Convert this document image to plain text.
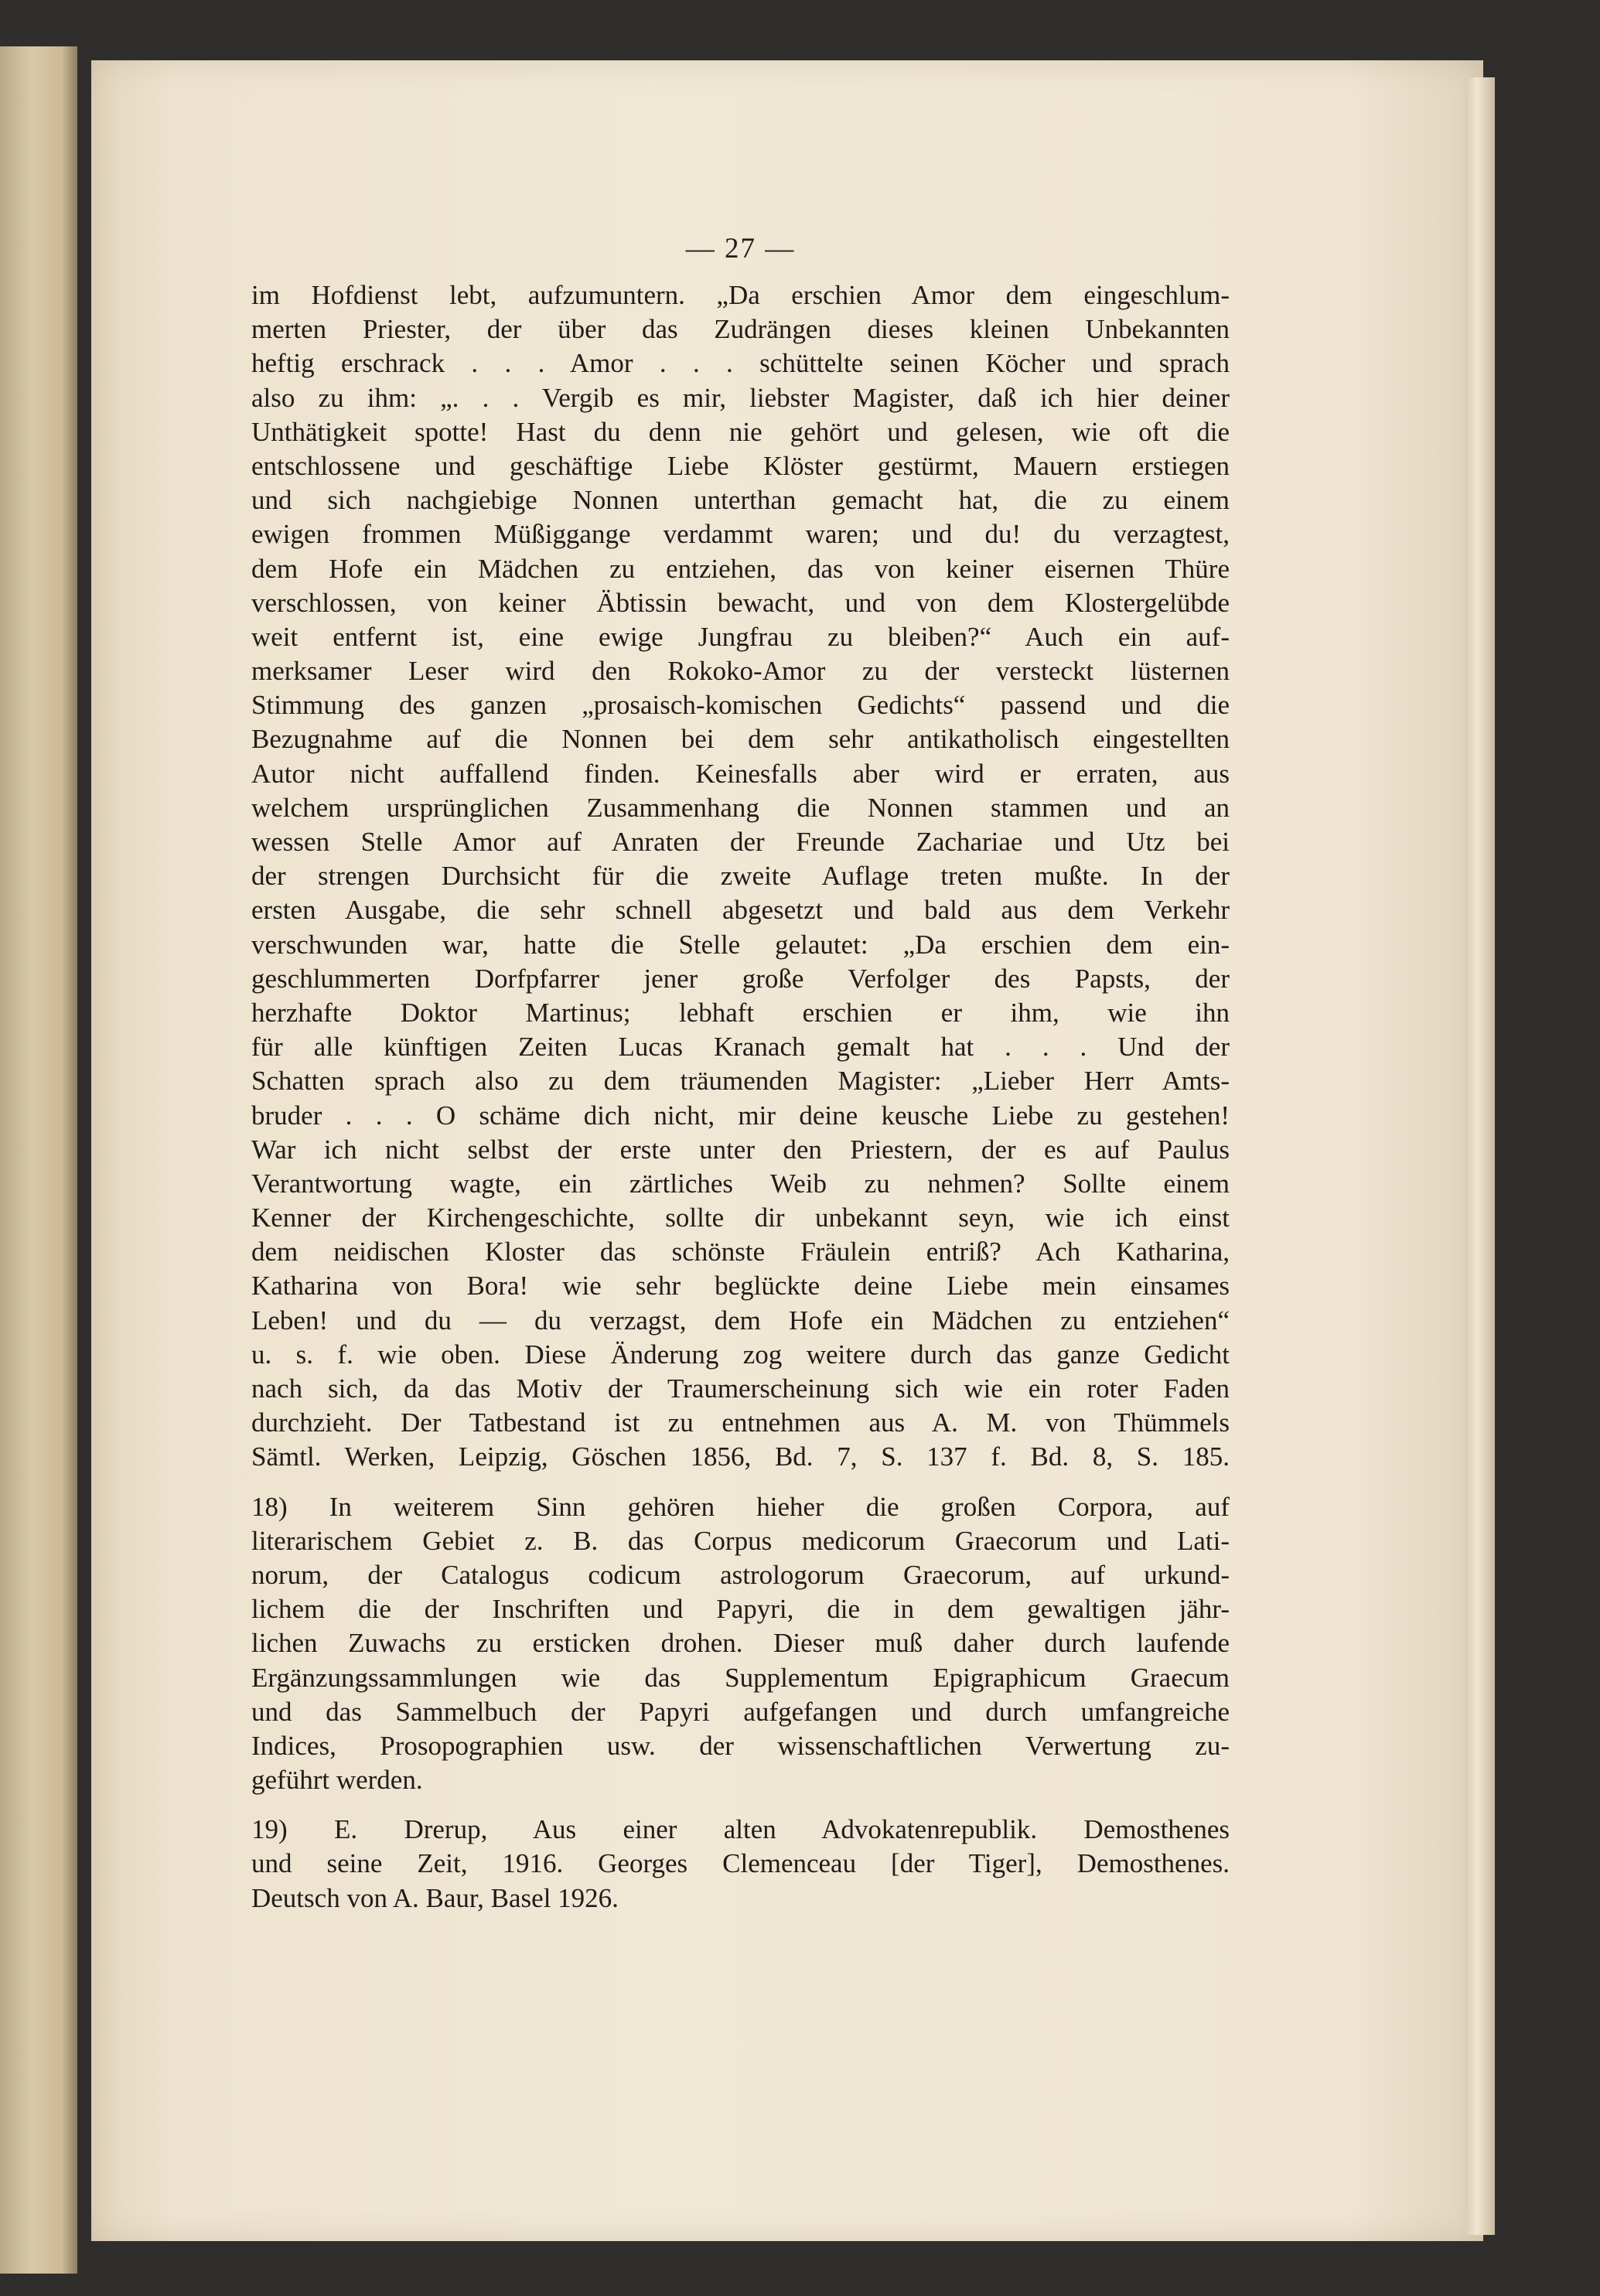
— 27 —
im Hofdienst lebt, aufzumuntern. „Da erschien Amor dem eingeschlum-
merten Priester, der über das Zudrängen dieses kleinen Unbekannten
heftig erschrack . . . Amor . . . schüttelte seinen Köcher und sprach
also zu ihm: „. . . Vergib es mir, liebster Magister, daß ich hier deiner
Unthätigkeit spotte! Hast du denn nie gehört und gelesen, wie oft die
entschlossene und geschäftige Liebe Klöster gestürmt, Mauern erstiegen
und sich nachgiebige Nonnen unterthan gemacht hat, die zu einem
ewigen frommen Müßiggange verdammt waren; und du! du verzagtest,
dem Hofe ein Mädchen zu entziehen, das von keiner eisernen Thüre
verschlossen, von keiner Äbtissin bewacht, und von dem Klostergelübde
weit entfernt ist, eine ewige Jungfrau zu bleiben?“ Auch ein auf-
merksamer Leser wird den Rokoko-Amor zu der versteckt lüsternen
Stimmung des ganzen „prosaisch-komischen Gedichts“ passend und die
Bezugnahme auf die Nonnen bei dem sehr antikatholisch eingestellten
Autor nicht auffallend finden. Keinesfalls aber wird er erraten, aus
welchem ursprünglichen Zusammenhang die Nonnen stammen und an
wessen Stelle Amor auf Anraten der Freunde Zachariae und Utz bei
der strengen Durchsicht für die zweite Auflage treten mußte. In der
ersten Ausgabe, die sehr schnell abgesetzt und bald aus dem Verkehr
verschwunden war, hatte die Stelle gelautet: „Da erschien dem ein-
geschlummerten Dorfpfarrer jener große Verfolger des Papsts, der
herzhafte Doktor Martinus; lebhaft erschien er ihm, wie ihn
für alle künftigen Zeiten Lucas Kranach gemalt hat . . . Und der
Schatten sprach also zu dem träumenden Magister: „Lieber Herr Amts-
bruder . . . O schäme dich nicht, mir deine keusche Liebe zu gestehen!
War ich nicht selbst der erste unter den Priestern, der es auf Paulus
Verantwortung wagte, ein zärtliches Weib zu nehmen? Sollte einem
Kenner der Kirchengeschichte, sollte dir unbekannt seyn, wie ich einst
dem neidischen Kloster das schönste Fräulein entriß? Ach Katharina,
Katharina von Bora! wie sehr beglückte deine Liebe mein einsames
Leben! und du — du verzagst, dem Hofe ein Mädchen zu entziehen“
u. s. f. wie oben. Diese Änderung zog weitere durch das ganze Gedicht
nach sich, da das Motiv der Traumerscheinung sich wie ein roter Faden
durchzieht. Der Tatbestand ist zu entnehmen aus A. M. von Thümmels
Sämtl. Werken, Leipzig, Göschen 1856, Bd. 7, S. 137 f. Bd. 8, S. 185.
18) In weiterem Sinn gehören hieher die großen Corpora, auf
literarischem Gebiet z. B. das Corpus medicorum Graecorum und Lati-
norum, der Catalogus codicum astrologorum Graecorum, auf urkund-
lichem die der Inschriften und Papyri, die in dem gewaltigen jähr-
lichen Zuwachs zu ersticken drohen. Dieser muß daher durch laufende
Ergänzungssammlungen wie das Supplementum Epigraphicum Graecum
und das Sammelbuch der Papyri aufgefangen und durch umfangreiche
Indices, Prosopographien usw. der wissenschaftlichen Verwertung zu-
geführt werden.
19) E. Drerup, Aus einer alten Advokatenrepublik. Demosthenes
und seine Zeit, 1916. Georges Clemenceau [der Tiger], Demosthenes.
Deutsch von A. Baur, Basel 1926.
